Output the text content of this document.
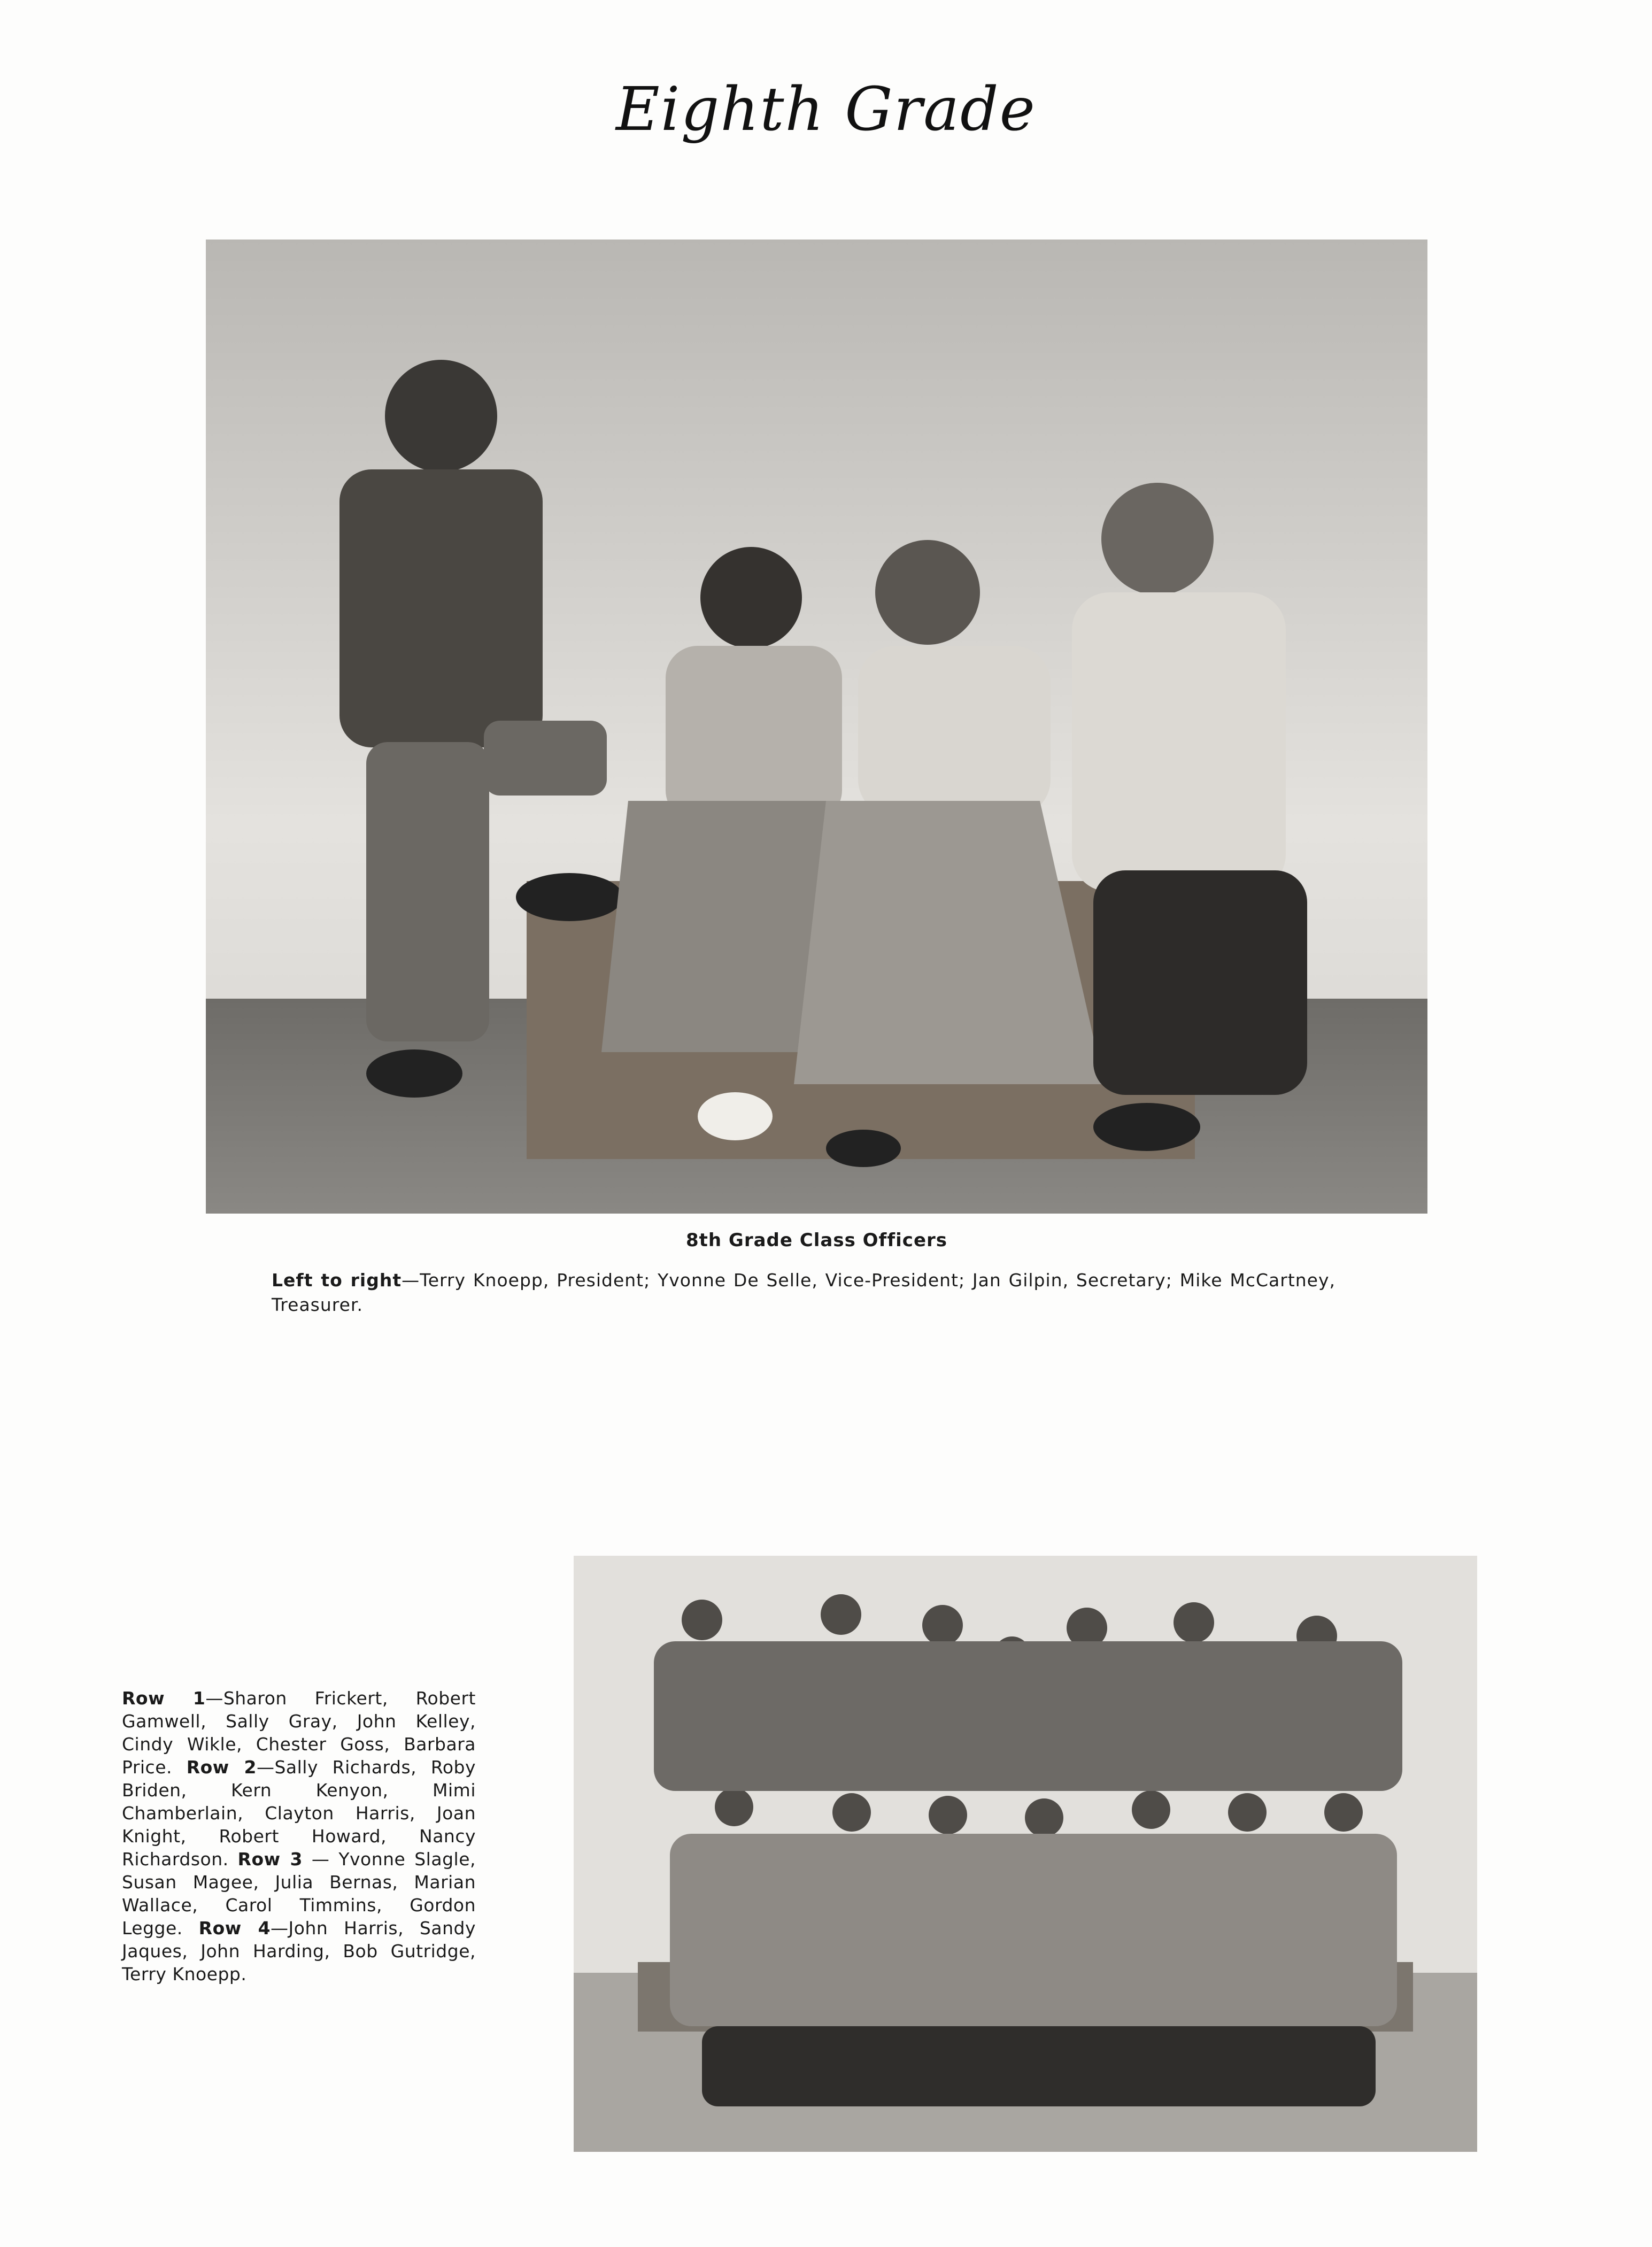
Eighth Grade
8th Grade Class Officers
Left to right—Terry Knoepp, President; Yvonne De Selle, Vice-President; Jan Gilpin, Secretary; Mike McCartney, Treasurer.
Row 1—Sharon Frickert, Robert Gamwell, Sally Gray, John Kelley, Cindy Wikle, Chester Goss, Barbara Price. Row 2—Sally Richards, Roby Briden, Kern Kenyon, Mimi Chamberlain, Clayton Harris, Joan Knight, Robert Howard, Nancy Richardson. Row 3 — Yvonne Slagle, Susan Magee, Julia Bernas, Marian Wallace, Carol Timmins, Gordon Legge. Row 4—John Harris, Sandy Jaques, John Harding, Bob Gutridge, Terry Knoepp.
